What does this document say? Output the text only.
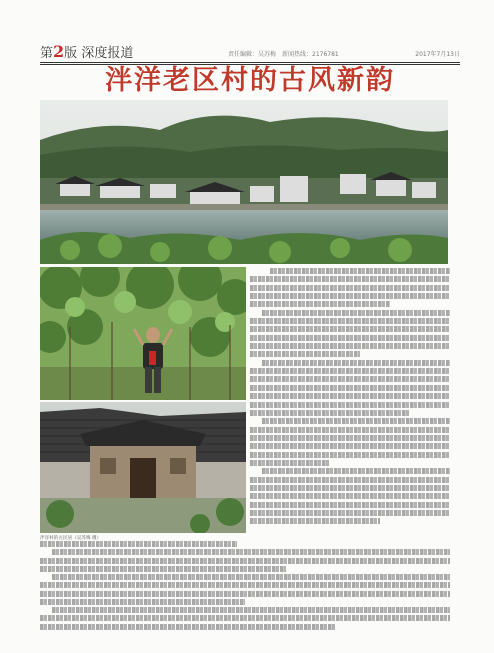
第2版 深度报道	责任编辑：吴苏梅　新闻热线：2176781	2017年7月13日
泮洋老区村的古风新韵
泮洋村的古民居（吴苏梅 摄）
